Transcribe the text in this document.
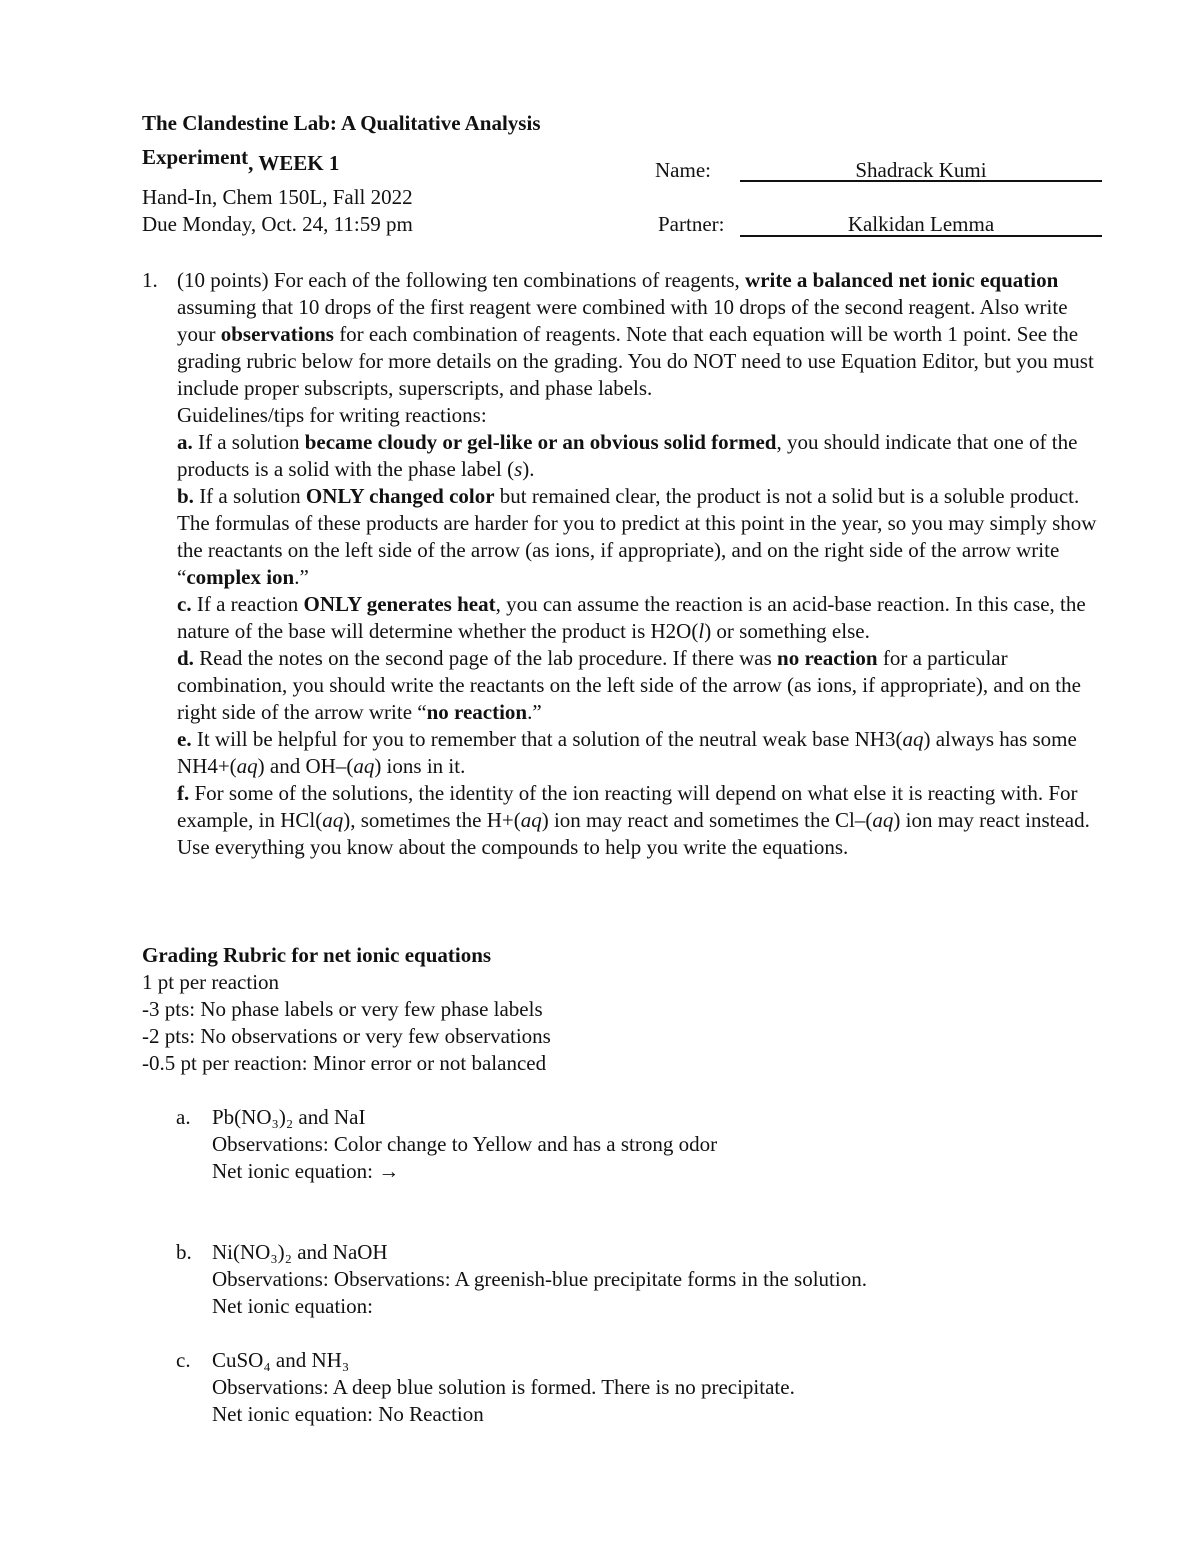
The Clandestine Lab: A Qualitative Analysis
Experiment, WEEK 1
Hand-In, Chem 150L, Fall 2022
Due Monday, Oct. 24, 11:59 pm
Name:	Shadrack Kumi
Partner:	Kalkidan Lemma
1. (10 points) For each of the following ten combinations of reagents, write a balanced net ionic equation assuming that 10 drops of the first reagent were combined with 10 drops of the second reagent. Also write your observations for each combination of reagents. Note that each equation will be worth 1 point. See the grading rubric below for more details on the grading. You do NOT need to use Equation Editor, but you must include proper subscripts, superscripts, and phase labels.

Guidelines/tips for writing reactions:

a. If a solution became cloudy or gel-like or an obvious solid formed, you should indicate that one of the products is a solid with the phase label (s).

b. If a solution ONLY changed color but remained clear, the product is not a solid but is a soluble product. The formulas of these products are harder for you to predict at this point in the year, so you may simply show the reactants on the left side of the arrow (as ions, if appropriate), and on the right side of the arrow write “complex ion.”

c. If a reaction ONLY generates heat, you can assume the reaction is an acid-base reaction. In this case, the nature of the base will determine whether the product is H2O(l) or something else.

d. Read the notes on the second page of the lab procedure. If there was no reaction for a particular combination, you should write the reactants on the left side of the arrow (as ions, if appropriate), and on the right side of the arrow write “no reaction.”

e. It will be helpful for you to remember that a solution of the neutral weak base NH3(aq) always has some NH4+(aq) and OH–(aq) ions in it.

f. For some of the solutions, the identity of the ion reacting will depend on what else it is reacting with. For example, in HCl(aq), sometimes the H+(aq) ion may react and sometimes the Cl–(aq) ion may react instead. Use everything you know about the compounds to help you write the equations.

Grading Rubric for net ionic equations

1 pt per reaction

-3 pts: No phase labels or very few phase labels

-2 pts: No observations or very few observations

-0.5 pt per reaction: Minor error or not balanced

a. Pb(NO₃)₂ and NaI

Observations: Color change to Yellow and has a strong odor

Net ionic equation: →

b. Ni(NO₃)₂ and NaOH

Observations: Observations: A greenish-blue precipitate forms in the solution.

Net ionic equation:

c. CuSO₄ and NH₃

Observations: A deep blue solution is formed. There is no precipitate.

Net ionic equation: No Reaction
